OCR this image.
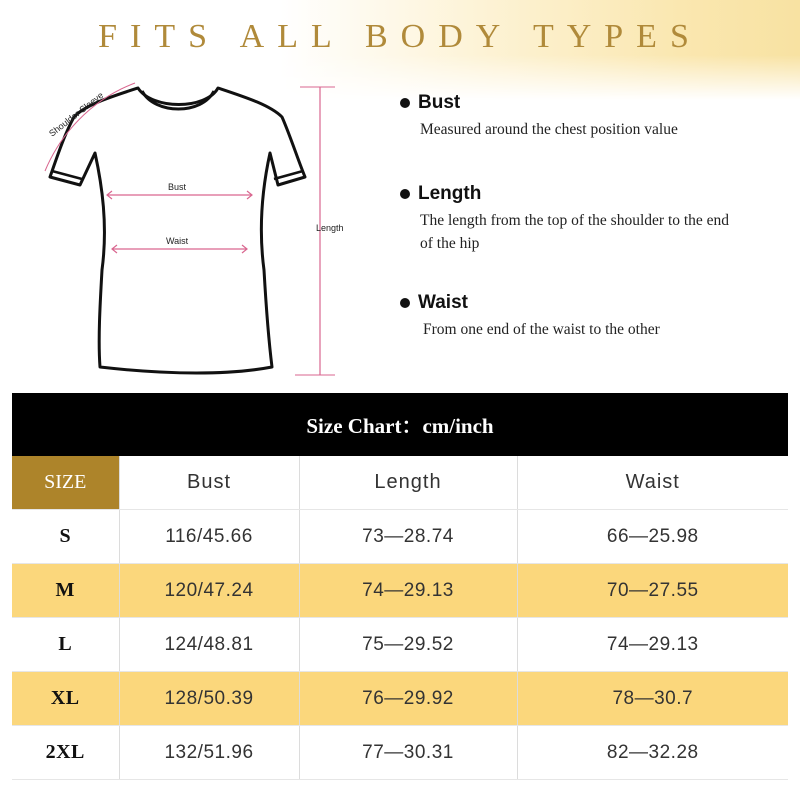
FITS ALL BODY TYPES
Shoulder Sleeve
Bust
Waist
Length
Bust
Measured around the chest position value
Length
The length from the top of the shoulder to the end of the hip
Waist
From one end of the waist to the other
Size Chart：cm/inch
SIZE	Bust	Length	Waist
S	116/45.66	73—28.74	66—25.98
M	120/47.24	74—29.13	70—27.55
L	124/48.81	75—29.52	74—29.13
XL	128/50.39	76—29.92	78—30.7
2XL	132/51.96	77—30.31	82—32.28
